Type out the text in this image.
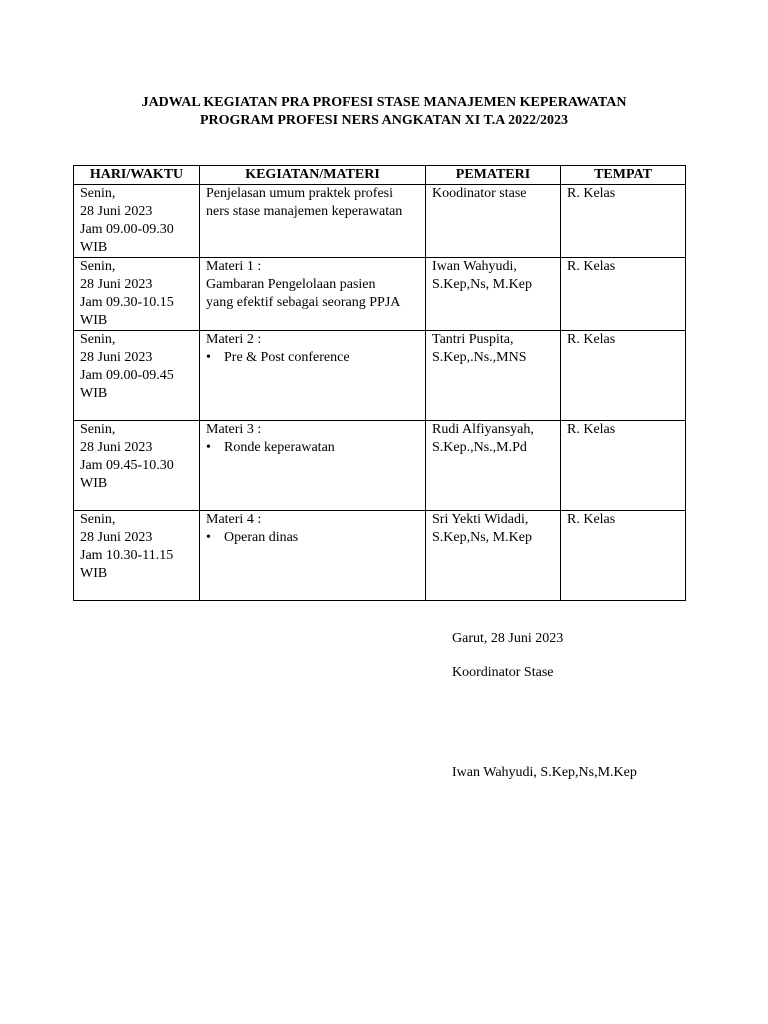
JADWAL KEGIATAN PRA PROFESI STASE MANAJEMEN KEPERAWATAN
PROGRAM PROFESI NERS ANGKATAN XI T.A 2022/2023
HARI/WAKTU	KEGIATAN/MATERI	PEMATERI	TEMPAT

Senin,
28 Juni 2023
Jam 09.00-09.30
WIB	Penjelasan umum praktek profesi
ners stase manajemen keperawatan	Koodinator stase	R. Kelas

Senin,
28 Juni 2023
Jam 09.30-10.15
WIB	Materi 1 :
Gambaran Pengelolaan pasien
yang efektif sebagai seorang PPJA	Iwan Wahyudi,
S.Kep,Ns, M.Kep	R. Kelas

Senin,
28 Juni 2023
Jam 09.00-09.45
WIB	Materi 2 :
• Pre & Post conference	Tantri Puspita,
S.Kep,.Ns.,MNS	R. Kelas

Senin,
28 Juni 2023
Jam 09.45-10.30
WIB	Materi 3 :
• Ronde keperawatan	Rudi Alfiyansyah,
S.Kep.,Ns.,M.Pd	R. Kelas

Senin,
28 Juni 2023
Jam 10.30-11.15
WIB	Materi 4 :
• Operan dinas	Sri Yekti Widadi,
S.Kep,Ns, M.Kep	R. Kelas
Garut, 28 Juni 2023
Koordinator Stase
Iwan Wahyudi, S.Kep,Ns,M.Kep
